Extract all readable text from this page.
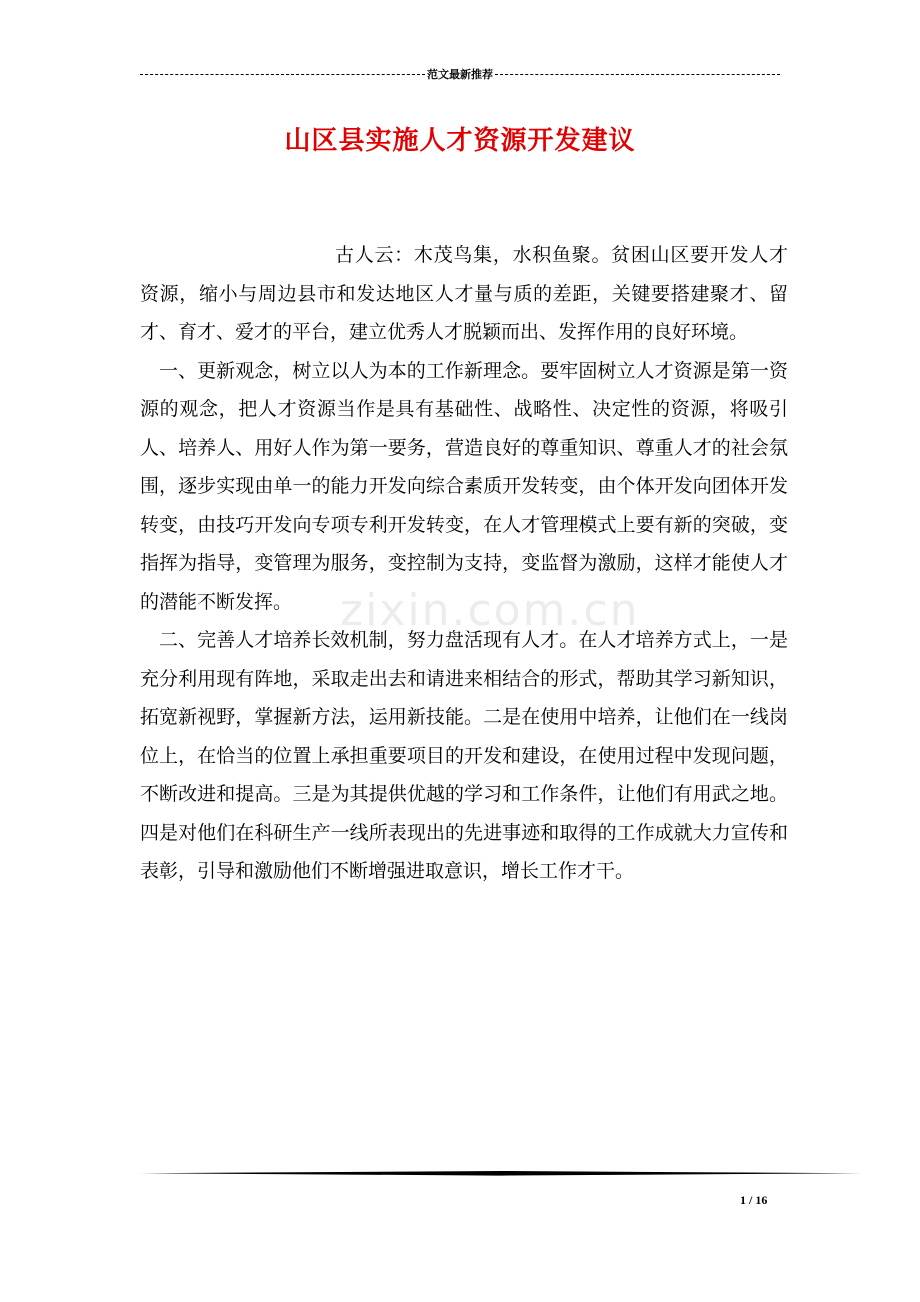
范文最新推荐
山区县实施人才资源开发建议
zixin.com.cn

古人云：木茂鸟集，水积鱼聚。贫困山区要开发人才资源，缩小与周边县市和发达地区人才量与质的差距，关键要搭建聚才、留才、育才、爱才的平台，建立优秀人才脱颖而出、发挥作用的良好环境。

一、更新观念，树立以人为本的工作新理念。要牢固树立人才资源是第一资源的观念，把人才资源当作是具有基础性、战略性、决定性的资源，将吸引人、培养人、用好人作为第一要务，营造良好的尊重知识、尊重人才的社会氛围，逐步实现由单一的能力开发向综合素质开发转变，由个体开发向团体开发转变，由技巧开发向专项专利开发转变，在人才管理模式上要有新的突破，变指挥为指导，变管理为服务，变控制为支持，变监督为激励，这样才能使人才的潜能不断发挥。

二、完善人才培养长效机制，努力盘活现有人才。在人才培养方式上，一是充分利用现有阵地，采取走出去和请进来相结合的形式，帮助其学习新知识，拓宽新视野，掌握新方法，运用新技能。二是在使用中培养，让他们在一线岗位上，在恰当的位置上承担重要项目的开发和建设，在使用过程中发现问题，不断改进和提高。三是为其提供优越的学习和工作条件，让他们有用武之地。四是对他们在科研生产一线所表现出的先进事迹和取得的工作成就大力宣传和表彰，引导和激励他们不断增强进取意识，增长工作才干。

1 / 16
